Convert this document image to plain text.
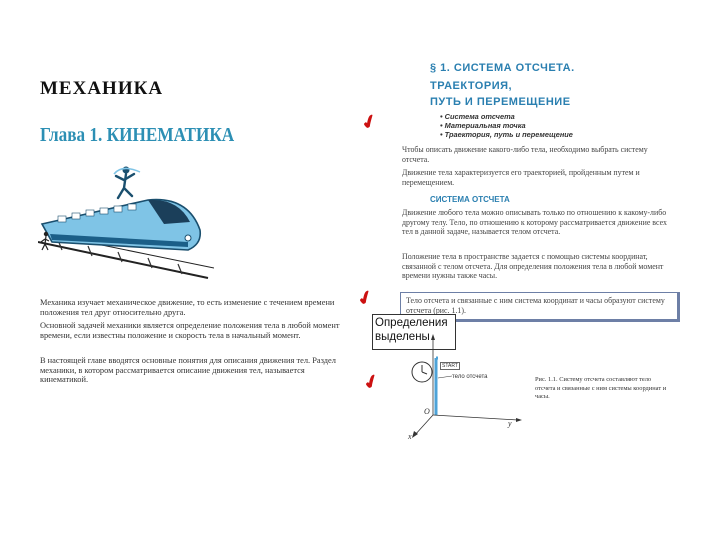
МЕХАНИКА
Глава 1. КИНЕМАТИКА
Механика изучает механическое движение, то есть изменение с течением времени положения тел друг относительно друга.
Основной задачей механики является определение положения тела в любой момент времени, если известны положение и скорость тела в начальный момент.
В настоящей главе вводятся основные понятия для описания движения тел. Раздел механики, в котором рассматривается описание движения тел, называется кинематикой.
✔
✔
✔
§ 1. СИСТЕМА ОТСЧЕТА.
ТРАЕКТОРИЯ,
ПУТЬ И ПЕРЕМЕЩЕНИЕ
• Система отсчета
• Материальная точка
• Траектория, путь и перемещение
Чтобы описать движение какого-либо тела, необходимо выбрать систему отсчета.
Движение тела характеризуется его траекторией, пройденным путем и перемещением.
СИСТЕМА ОТСЧЕТА
Движение любого тела можно описывать только по отношению к какому-либо другому телу. Тело, по отношению к которому рассматривается движение всех тел в данной задаче, называется телом отсчета.
Положение тела в пространстве задается с помощью системы координат, связанной с телом отсчета. Для определения положения тела в любой момент времени нужны также часы.
Тело отсчета и связанные с ним система координат и часы образуют систему отсчета (рис. 1.1).
Определения выделены
START
тело отсчета
O
y
x
Рис. 1.1. Систему отсчета составляют тело отсчета и связанные с ним системы координат и часы.
